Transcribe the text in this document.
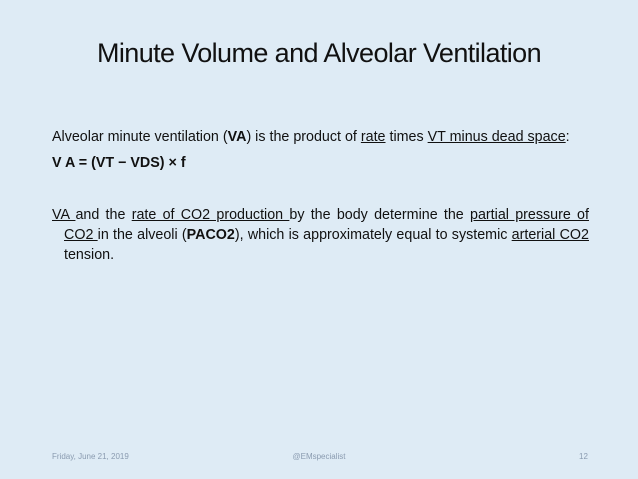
Minute Volume and Alveolar Ventilation

Alveolar minute ventilation (VA) is the product of rate times VT minus dead space:

V A = (VT − VDS) × f

VA and the rate of CO2 production by the body determine the partial pressure of CO2 in the alveoli (PACO2), which is approximately equal to systemic arterial CO2 tension.

Friday, June 21, 2019	@EMspecialist	12
